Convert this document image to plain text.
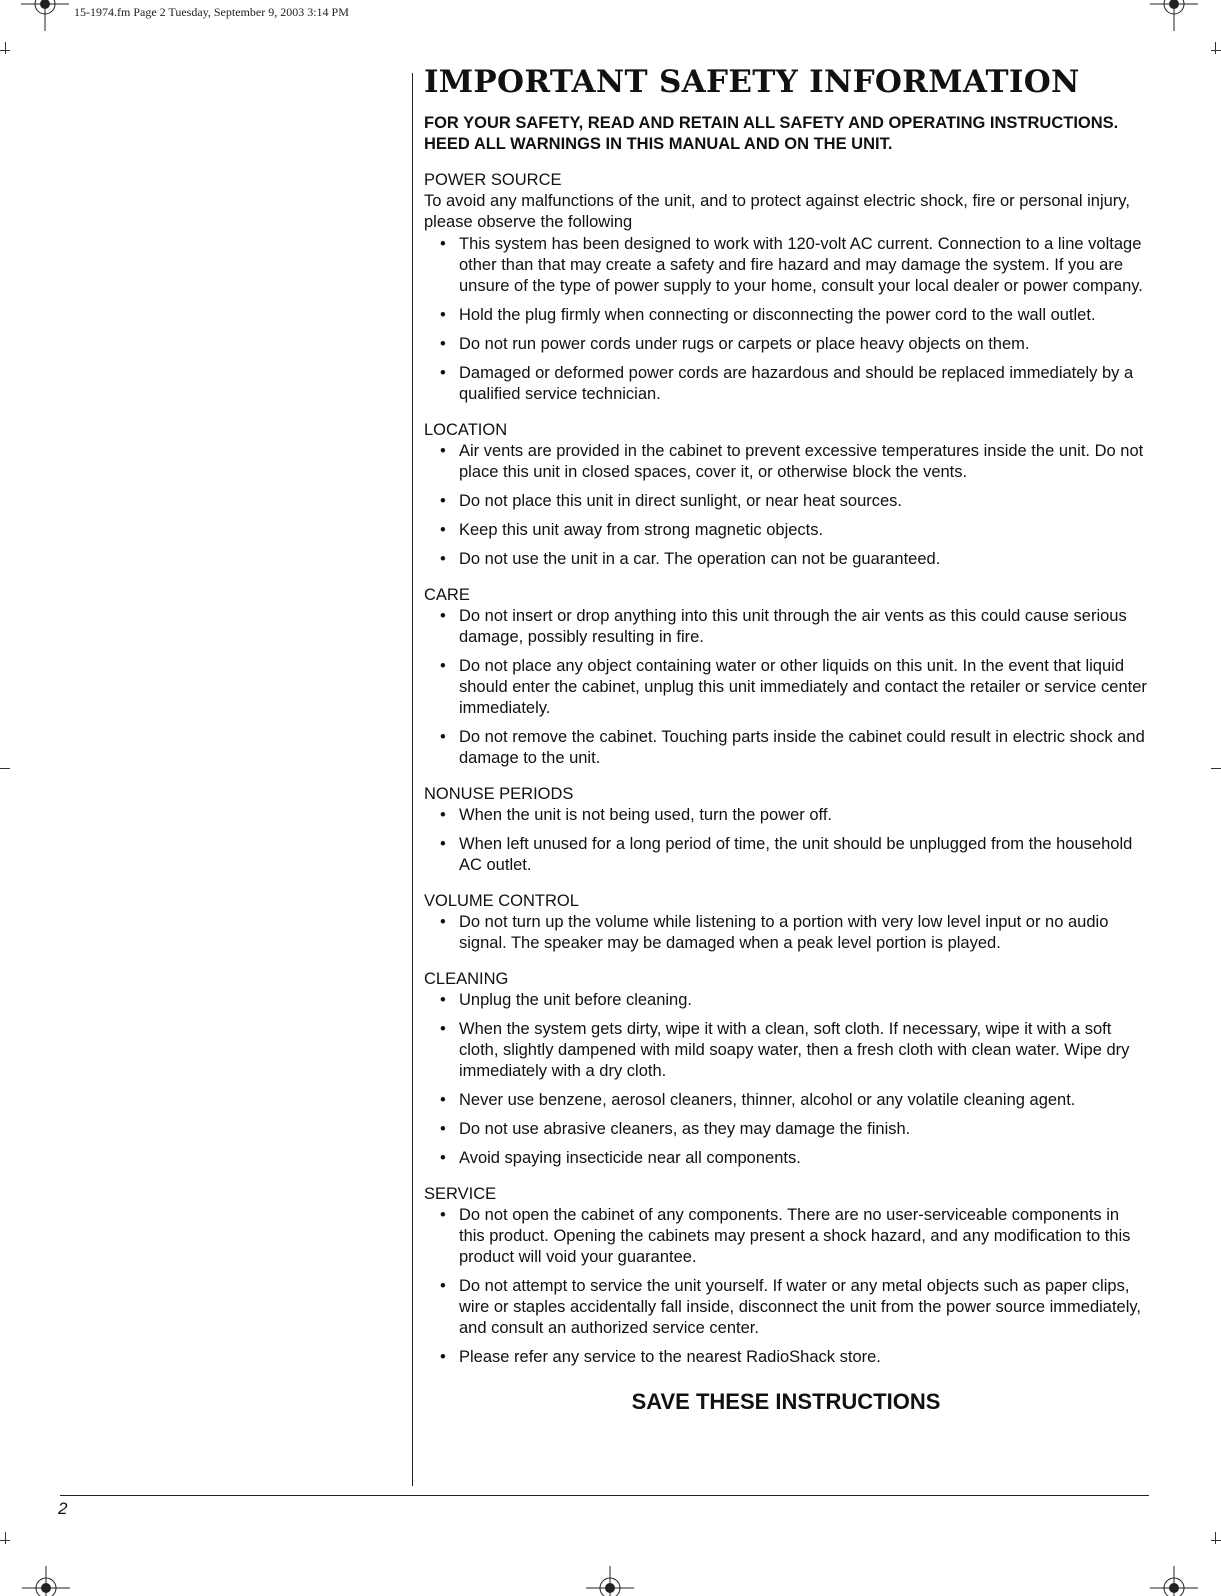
15-1974.fm Page 2 Tuesday, September 9, 2003 3:14 PM
2
IMPORTANT SAFETY INFORMATION

FOR YOUR SAFETY, READ AND RETAIN ALL SAFETY AND OPERATING INSTRUCTIONS. HEED ALL WARNINGS IN THIS MANUAL AND ON THE UNIT.

POWER SOURCE

To avoid any malfunctions of the unit, and to protect against electric shock, fire or personal injury, please observe the following

• This system has been designed to work with 120-volt AC current. Connection to a line voltage other than that may create a safety and fire hazard and may damage the system. If you are unsure of the type of power supply to your home, consult your local dealer or power company.
• Hold the plug firmly when connecting or disconnecting the power cord to the wall outlet.
• Do not run power cords under rugs or carpets or place heavy objects on them.
• Damaged or deformed power cords are hazardous and should be replaced immediately by a qualified service technician.

LOCATION

• Air vents are provided in the cabinet to prevent excessive temperatures inside the unit. Do not place this unit in closed spaces, cover it, or otherwise block the vents.
• Do not place this unit in direct sunlight, or near heat sources.
• Keep this unit away from strong magnetic objects.
• Do not use the unit in a car. The operation can not be guaranteed.

CARE

• Do not insert or drop anything into this unit through the air vents as this could cause serious damage, possibly resulting in fire.
• Do not place any object containing water or other liquids on this unit. In the event that liquid should enter the cabinet, unplug this unit immediately and contact the retailer or service center immediately.
• Do not remove the cabinet. Touching parts inside the cabinet could result in electric shock and damage to the unit.

NONUSE PERIODS

• When the unit is not being used, turn the power off.
• When left unused for a long period of time, the unit should be unplugged from the household AC outlet.

VOLUME CONTROL

• Do not turn up the volume while listening to a portion with very low level input or no audio signal. The speaker may be damaged when a peak level portion is played.

CLEANING

• Unplug the unit before cleaning.
• When the system gets dirty, wipe it with a clean, soft cloth. If necessary, wipe it with a soft cloth, slightly dampened with mild soapy water, then a fresh cloth with clean water. Wipe dry immediately with a dry cloth.
• Never use benzene, aerosol cleaners, thinner, alcohol or any volatile cleaning agent.
• Do not use abrasive cleaners, as they may damage the finish.
• Avoid spaying insecticide near all components.

SERVICE

• Do not open the cabinet of any components. There are no user-serviceable components in this product. Opening the cabinets may present a shock hazard, and any modification to this product will void your guarantee.
• Do not attempt to service the unit yourself. If water or any metal objects such as paper clips, wire or staples accidentally fall inside, disconnect the unit from the power source immediately, and consult an authorized service center.
• Please refer any service to the nearest RadioShack store.
SAVE THESE INSTRUCTIONS
